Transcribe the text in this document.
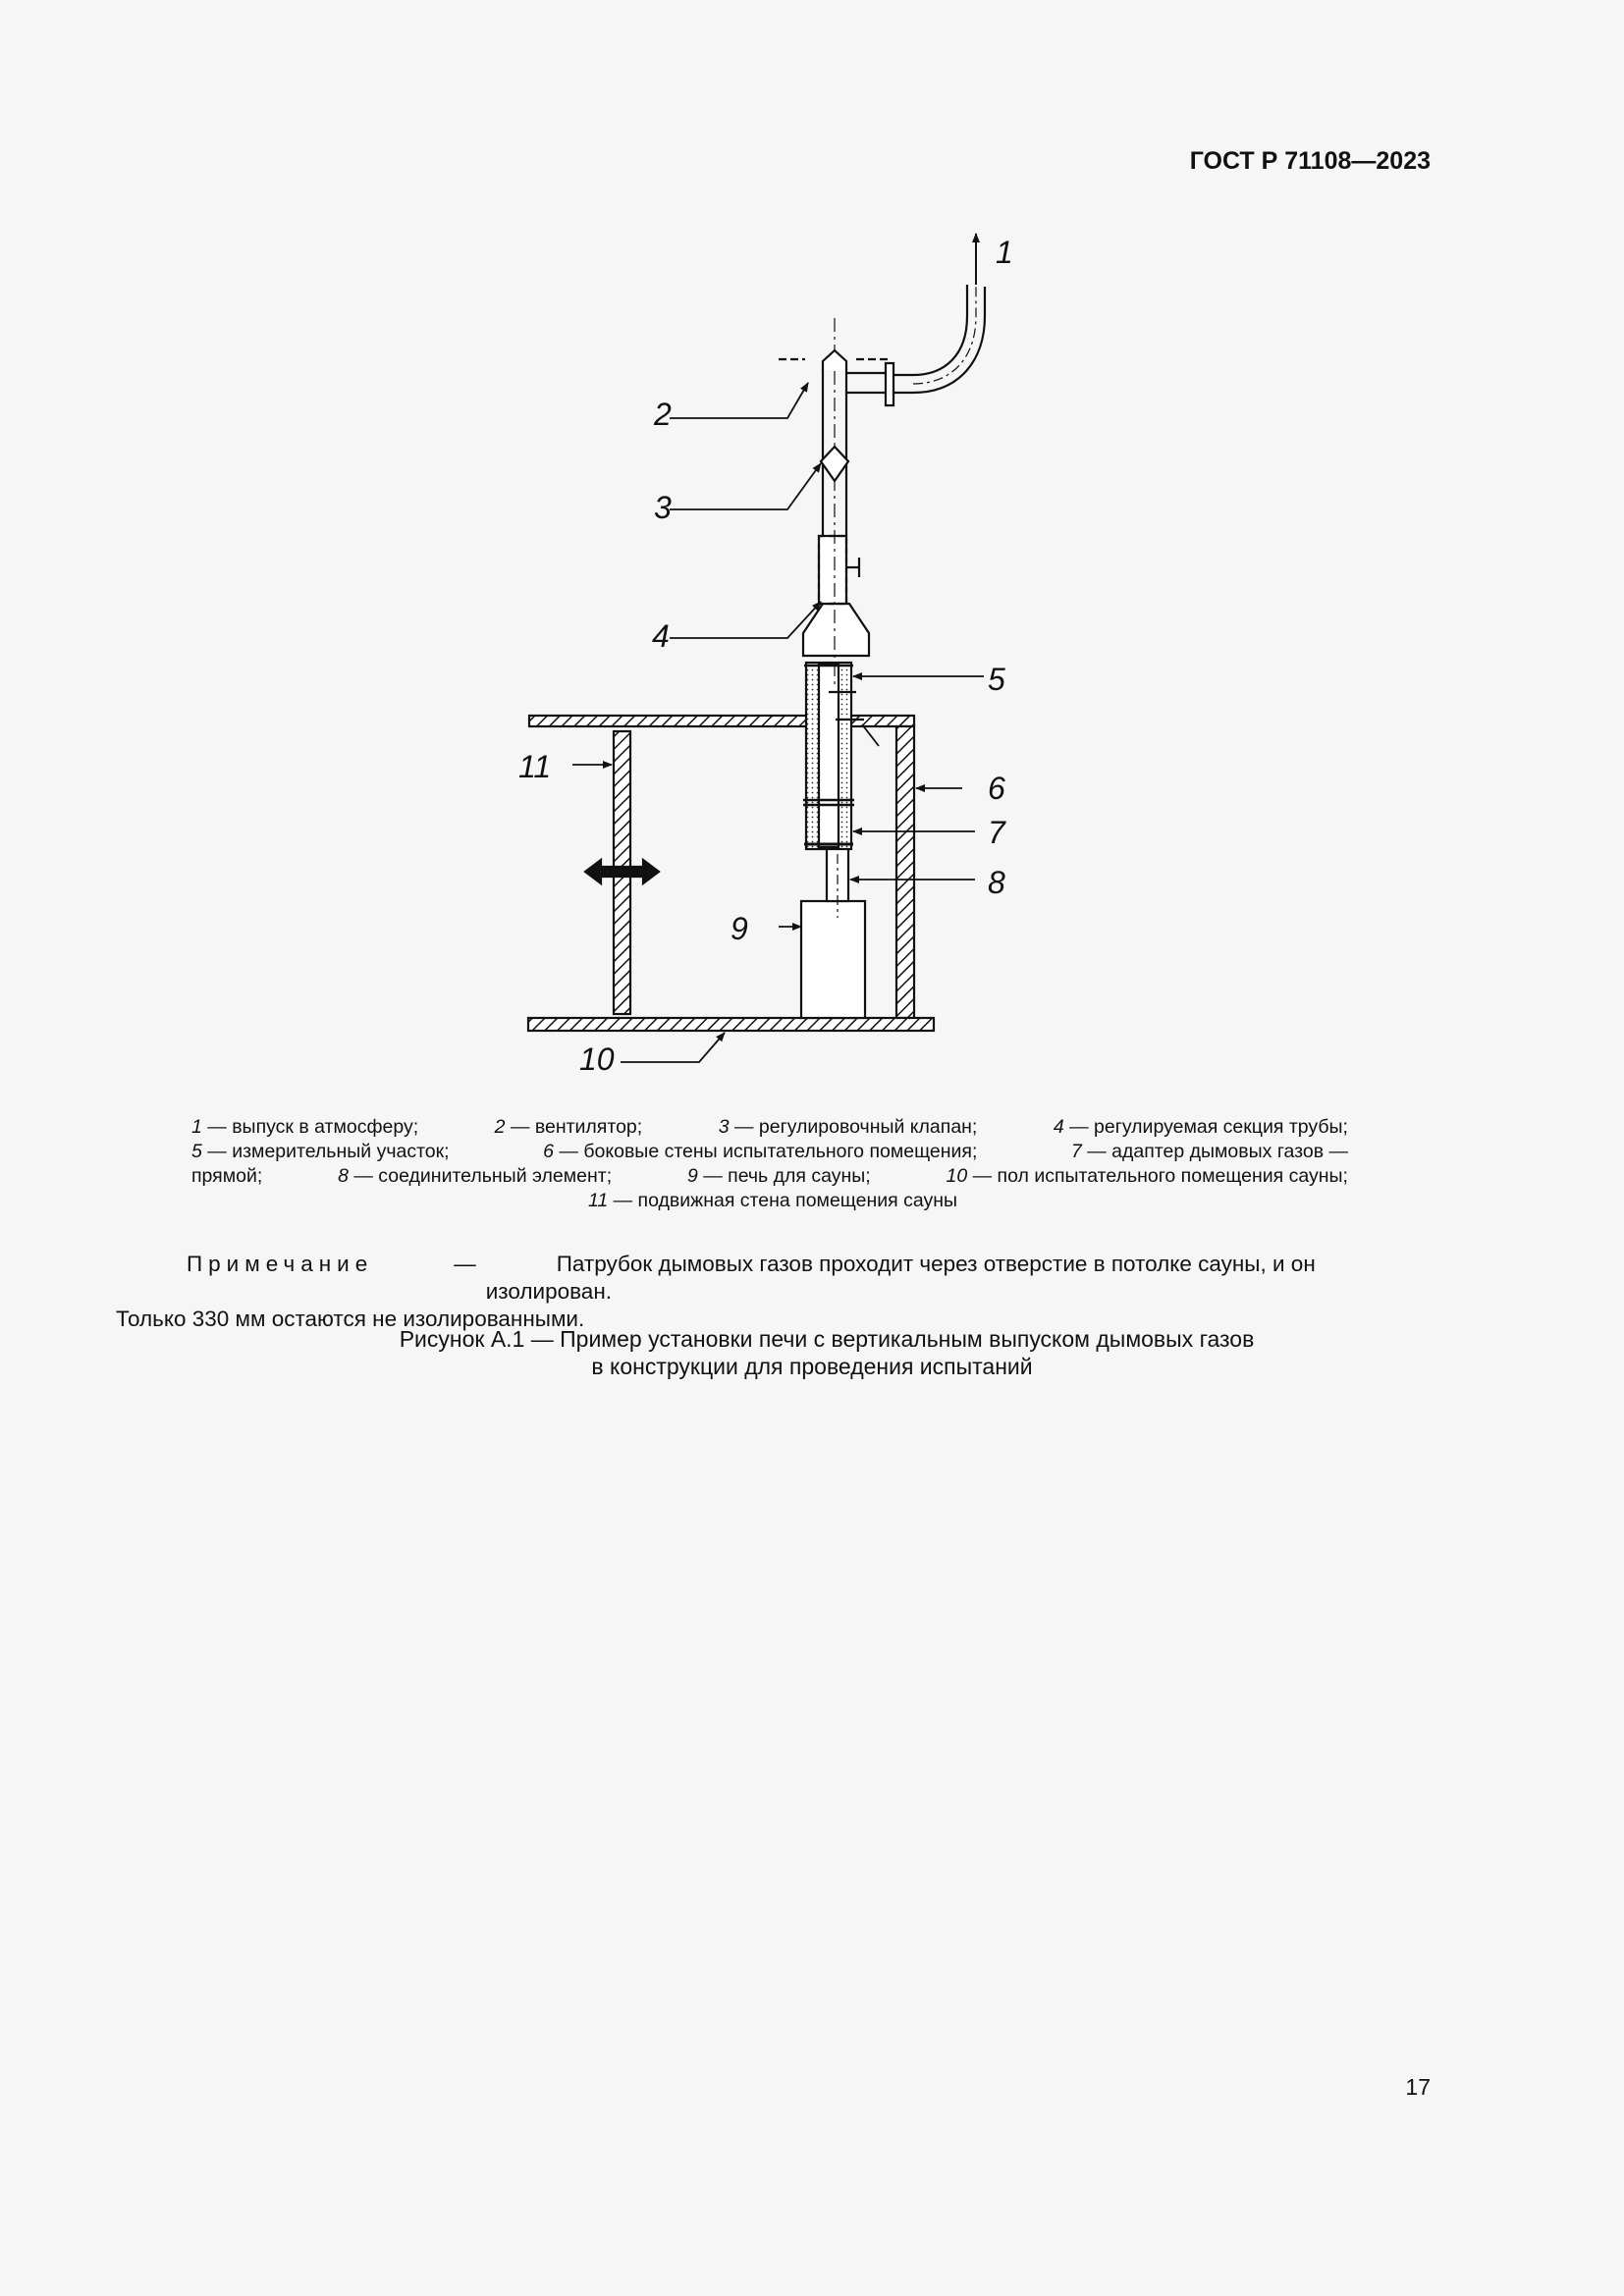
ГОСТ Р 71108—2023
1
2
3
4
5
6
7
8
9
10
11
1 — выпуск в атмосферу;	2 — вентилятор;	3 — регулировочный клапан;	4 — регулируемая секция трубы;
5 — измерительный участок;	6 — боковые стены испытательного помещения;	7 — адаптер дымовых газов —
прямой;	8 — соединительный элемент;	9 — печь для сауны;	10 — пол испытательного помещения сауны;
11 — подвижная стена помещения сауны

Примечание	—	Патрубок дымовых газов проходит через отверстие в потолке сауны, и он изолирован.

Только 330 мм остаются не изолированными.

Рисунок А.1 — Пример установки печи с вертикальным выпуском дымовых газов
в конструкции для проведения испытаний
17
